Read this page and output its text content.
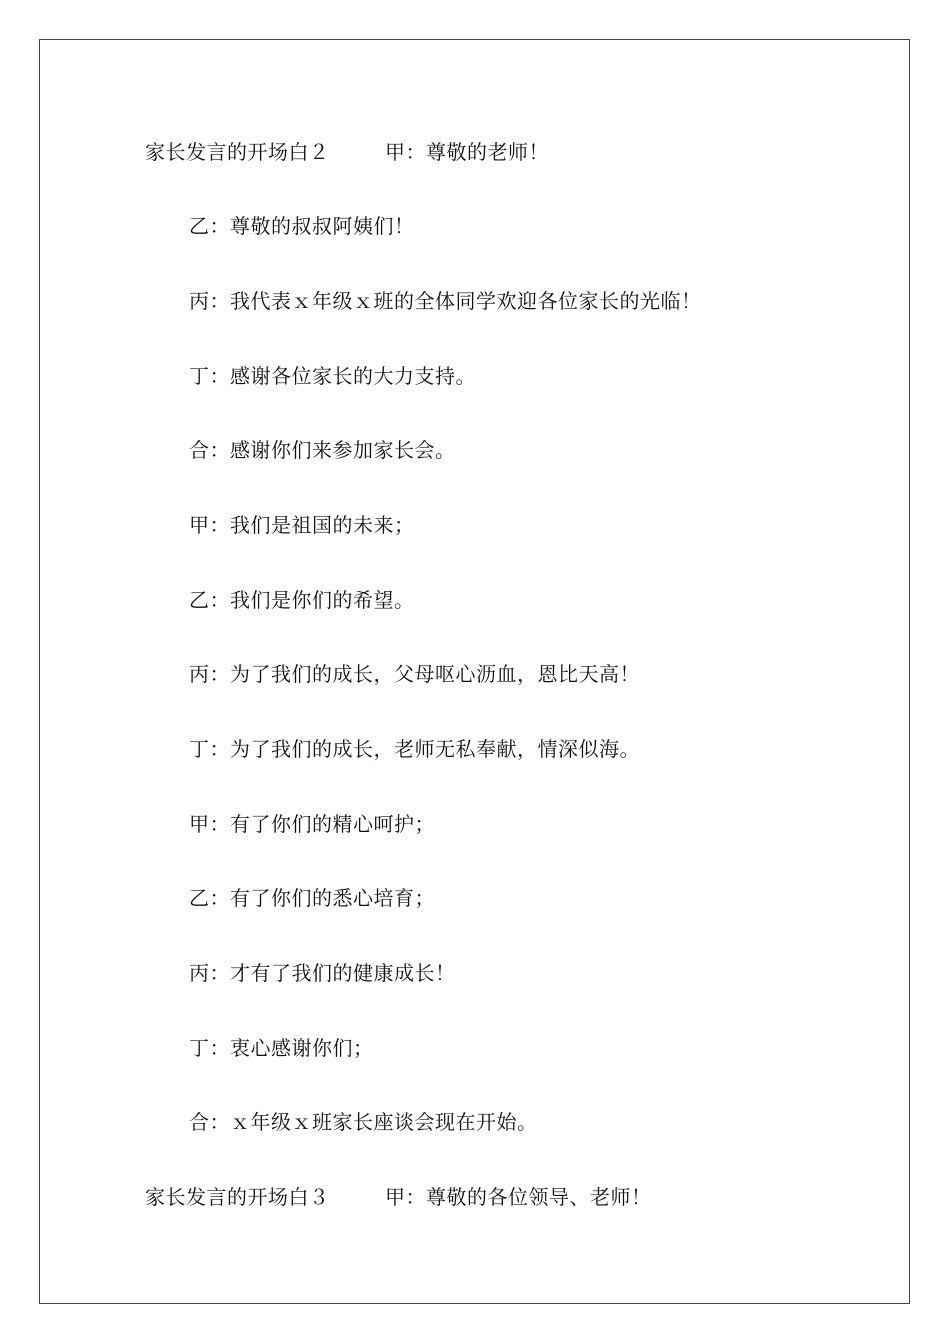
家长发言的开场白２	甲：尊敬的老师！
乙：尊敬的叔叔阿姨们！
丙：我代表ｘ年级ｘ班的全体同学欢迎各位家长的光临！
丁：感谢各位家长的大力支持。
合：感谢你们来参加家长会。
甲：我们是祖国的未来；
乙：我们是你们的希望。
丙：为了我们的成长，父母呕心沥血，恩比天高！
丁：为了我们的成长，老师无私奉献，情深似海。
甲：有了你们的精心呵护；
乙：有了你们的悉心培育；
丙：才有了我们的健康成长！
丁：衷心感谢你们；
合：ｘ年级ｘ班家长座谈会现在开始。
家长发言的开场白３	甲：尊敬的各位领导、老师！
